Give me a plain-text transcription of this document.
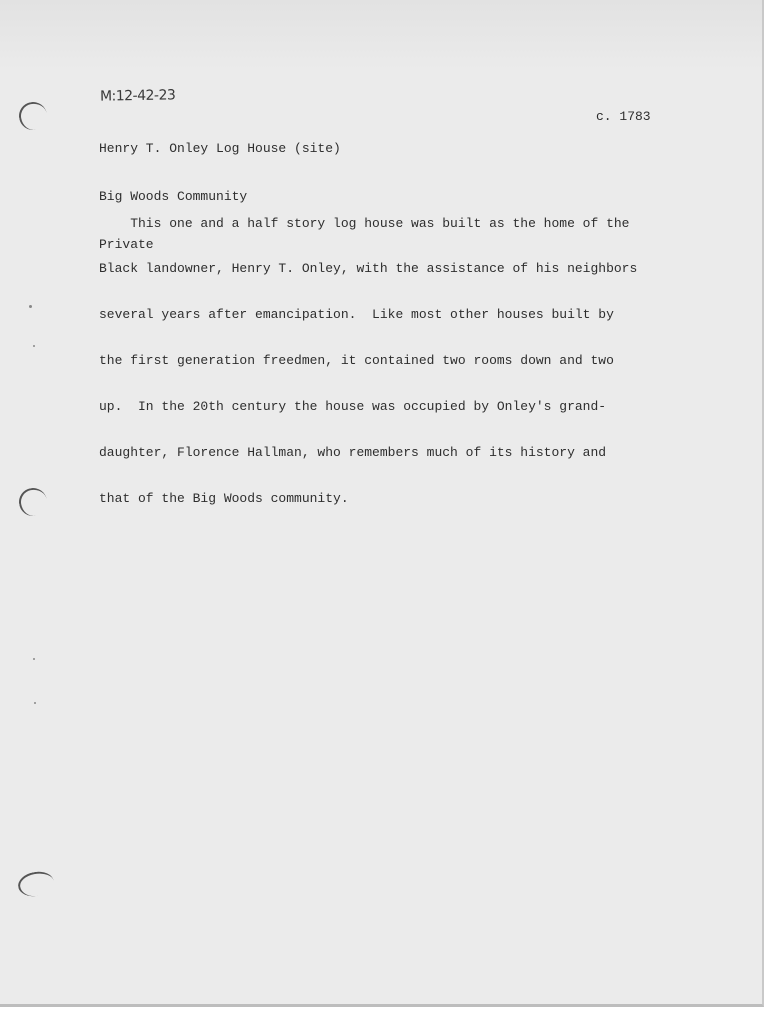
M:12-42-23

Henry T. Onley Log House (site)

Big Woods Community

Private

c. 1783

This one and a half story log house was built as the home of the

Black landowner, Henry T. Onley, with the assistance of his neighbors

several years after emancipation.  Like most other houses built by

the first generation freedmen, it contained two rooms down and two

up.  In the 20th century the house was occupied by Onley's grand-

daughter, Florence Hallman, who remembers much of its history and

that of the Big Woods community.
